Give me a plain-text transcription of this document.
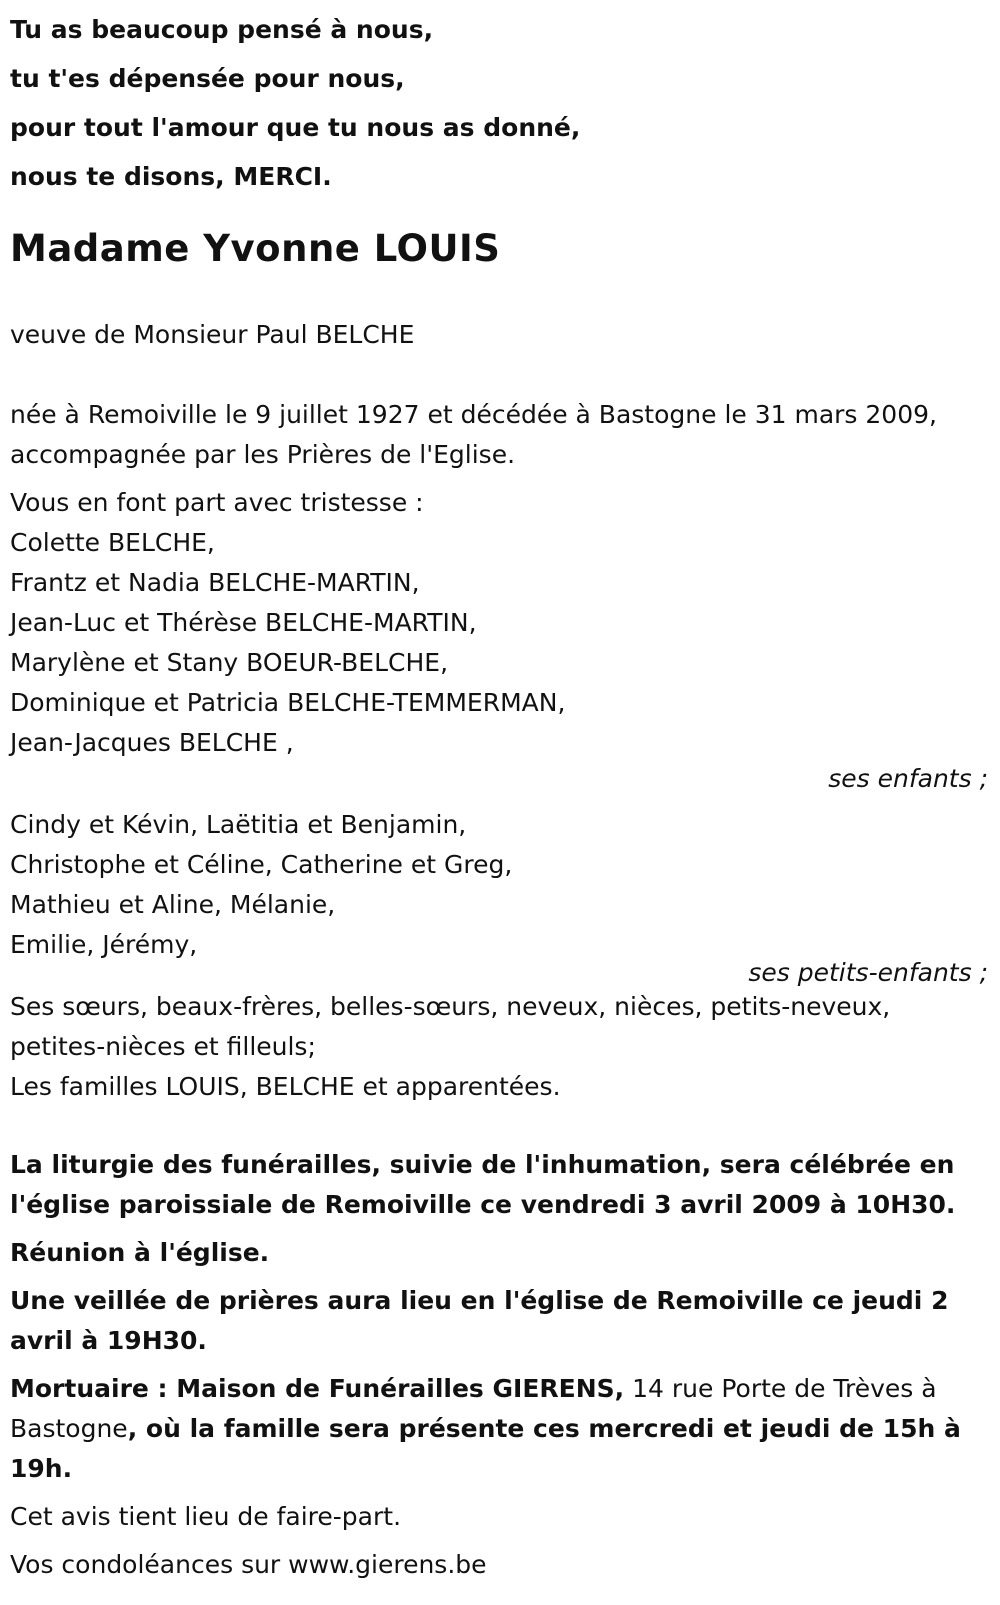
Tu as beaucoup pensé à nous,

tu t'es dépensée pour nous,

pour tout l'amour que tu nous as donné,

nous te disons, MERCI.

Madame Yvonne LOUIS

veuve de Monsieur Paul BELCHE

née à Remoiville le 9 juillet 1927 et décédée à Bastogne le 31 mars 2009,

accompagnée par les Prières de l'Eglise.

Vous en font part avec tristesse :

Colette BELCHE,

Frantz et Nadia BELCHE-MARTIN,

Jean-Luc et Thérèse BELCHE-MARTIN,

Marylène et Stany BOEUR-BELCHE,

Dominique et Patricia BELCHE-TEMMERMAN,

Jean-Jacques BELCHE ,

ses enfants ;

Cindy et Kévin, Laëtitia et Benjamin,

Christophe et Céline, Catherine et Greg,

Mathieu et Aline, Mélanie,

Emilie, Jérémy,

ses petits-enfants ;

Ses sœurs, beaux-frères, belles-sœurs, neveux, nièces, petits-neveux,

petites-nièces et filleuls;

Les familles LOUIS, BELCHE et apparentées.

La liturgie des funérailles, suivie de l'inhumation, sera célébrée en l'église paroissiale de Remoiville ce vendredi 3 avril 2009 à 10H30.

Réunion à l'église.

Une veillée de prières aura lieu en l'église de Remoiville ce jeudi 2 avril à 19H30.

Mortuaire : Maison de Funérailles GIERENS, 14 rue Porte de Trèves à Bastogne, où la famille sera présente ces mercredi et jeudi de 15h à 19h.

Cet avis tient lieu de faire-part.

Vos condoléances sur www.gierens.be
